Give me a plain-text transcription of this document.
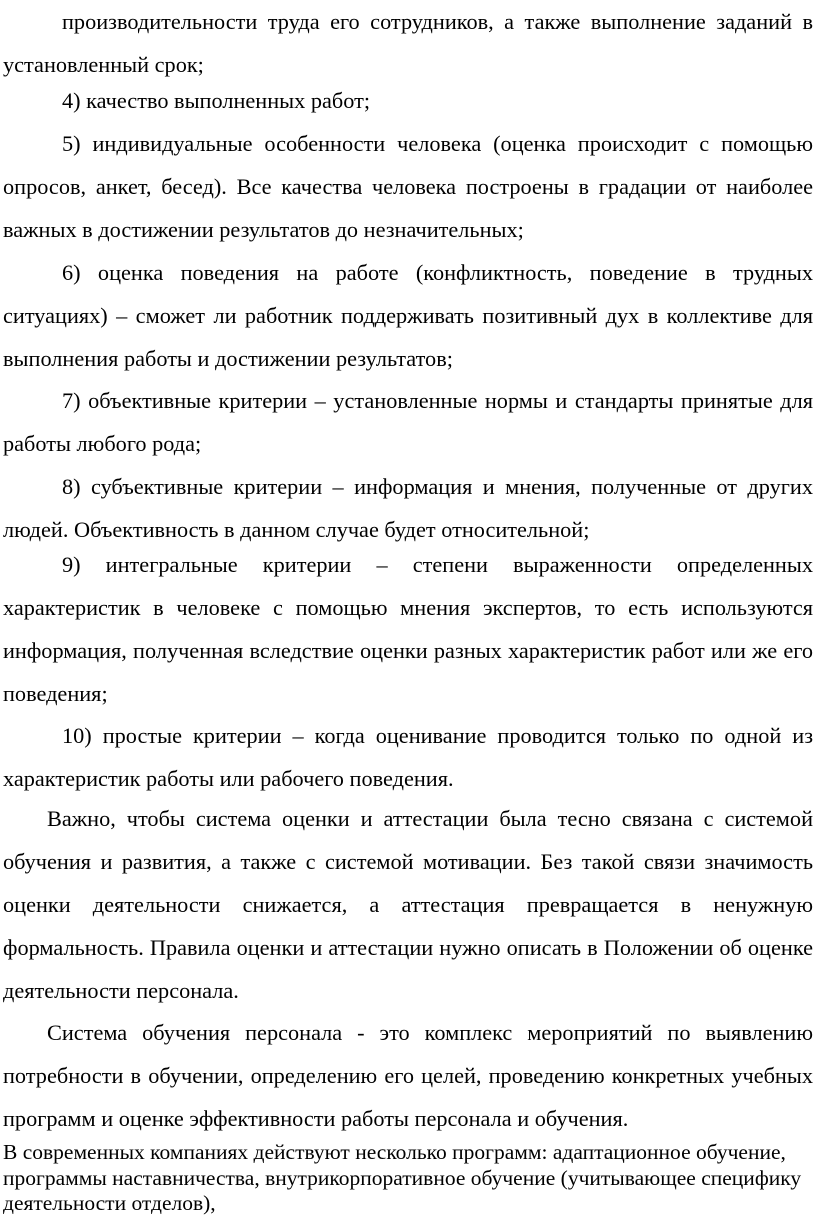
производительности труда его сотрудников, а также выполнение заданий в установленный срок;

4) качество выполненных работ;

5) индивидуальные особенности человека (оценка происходит с помощью опросов, анкет, бесед). Все качества человека построены в градации от наиболее важных в достижении результатов до незначительных;

6) оценка поведения на работе (конфликтность, поведение в трудных ситуациях) – сможет ли работник поддерживать позитивный дух в коллективе для выполнения работы и достижении результатов;

7) объективные критерии – установленные нормы и стандарты принятые для работы любого рода;

8) субъективные критерии – информация и мнения, полученные от других людей. Объективность в данном случае будет относительной;

9) интегральные критерии – степени выраженности определенных характеристик в человеке с помощью мнения экспертов, то есть используются информация, полученная вследствие оценки разных характеристик работ или же его поведения;

10) простые критерии – когда оценивание проводится только по одной из характеристик работы или рабочего поведения.

Важно, чтобы система оценки и аттестации была тесно связана с системой обучения и развития, а также с системой мотивации. Без такой связи значимость оценки деятельности снижается, а аттестация превращается в ненужную формальность. Правила оценки и аттестации нужно описать в Положении об оценке деятельности персонала.

Система обучения персонала - это комплекс мероприятий по выявлению потребности в обучении, определению его целей, проведению конкретных учебных программ и оценке эффективности работы персонала и обучения.

В современных компаниях действуют несколько программ: адаптационное обучение, программы наставничества, внутрикорпоративное обучение (учитывающее специфику деятельности отделов),
